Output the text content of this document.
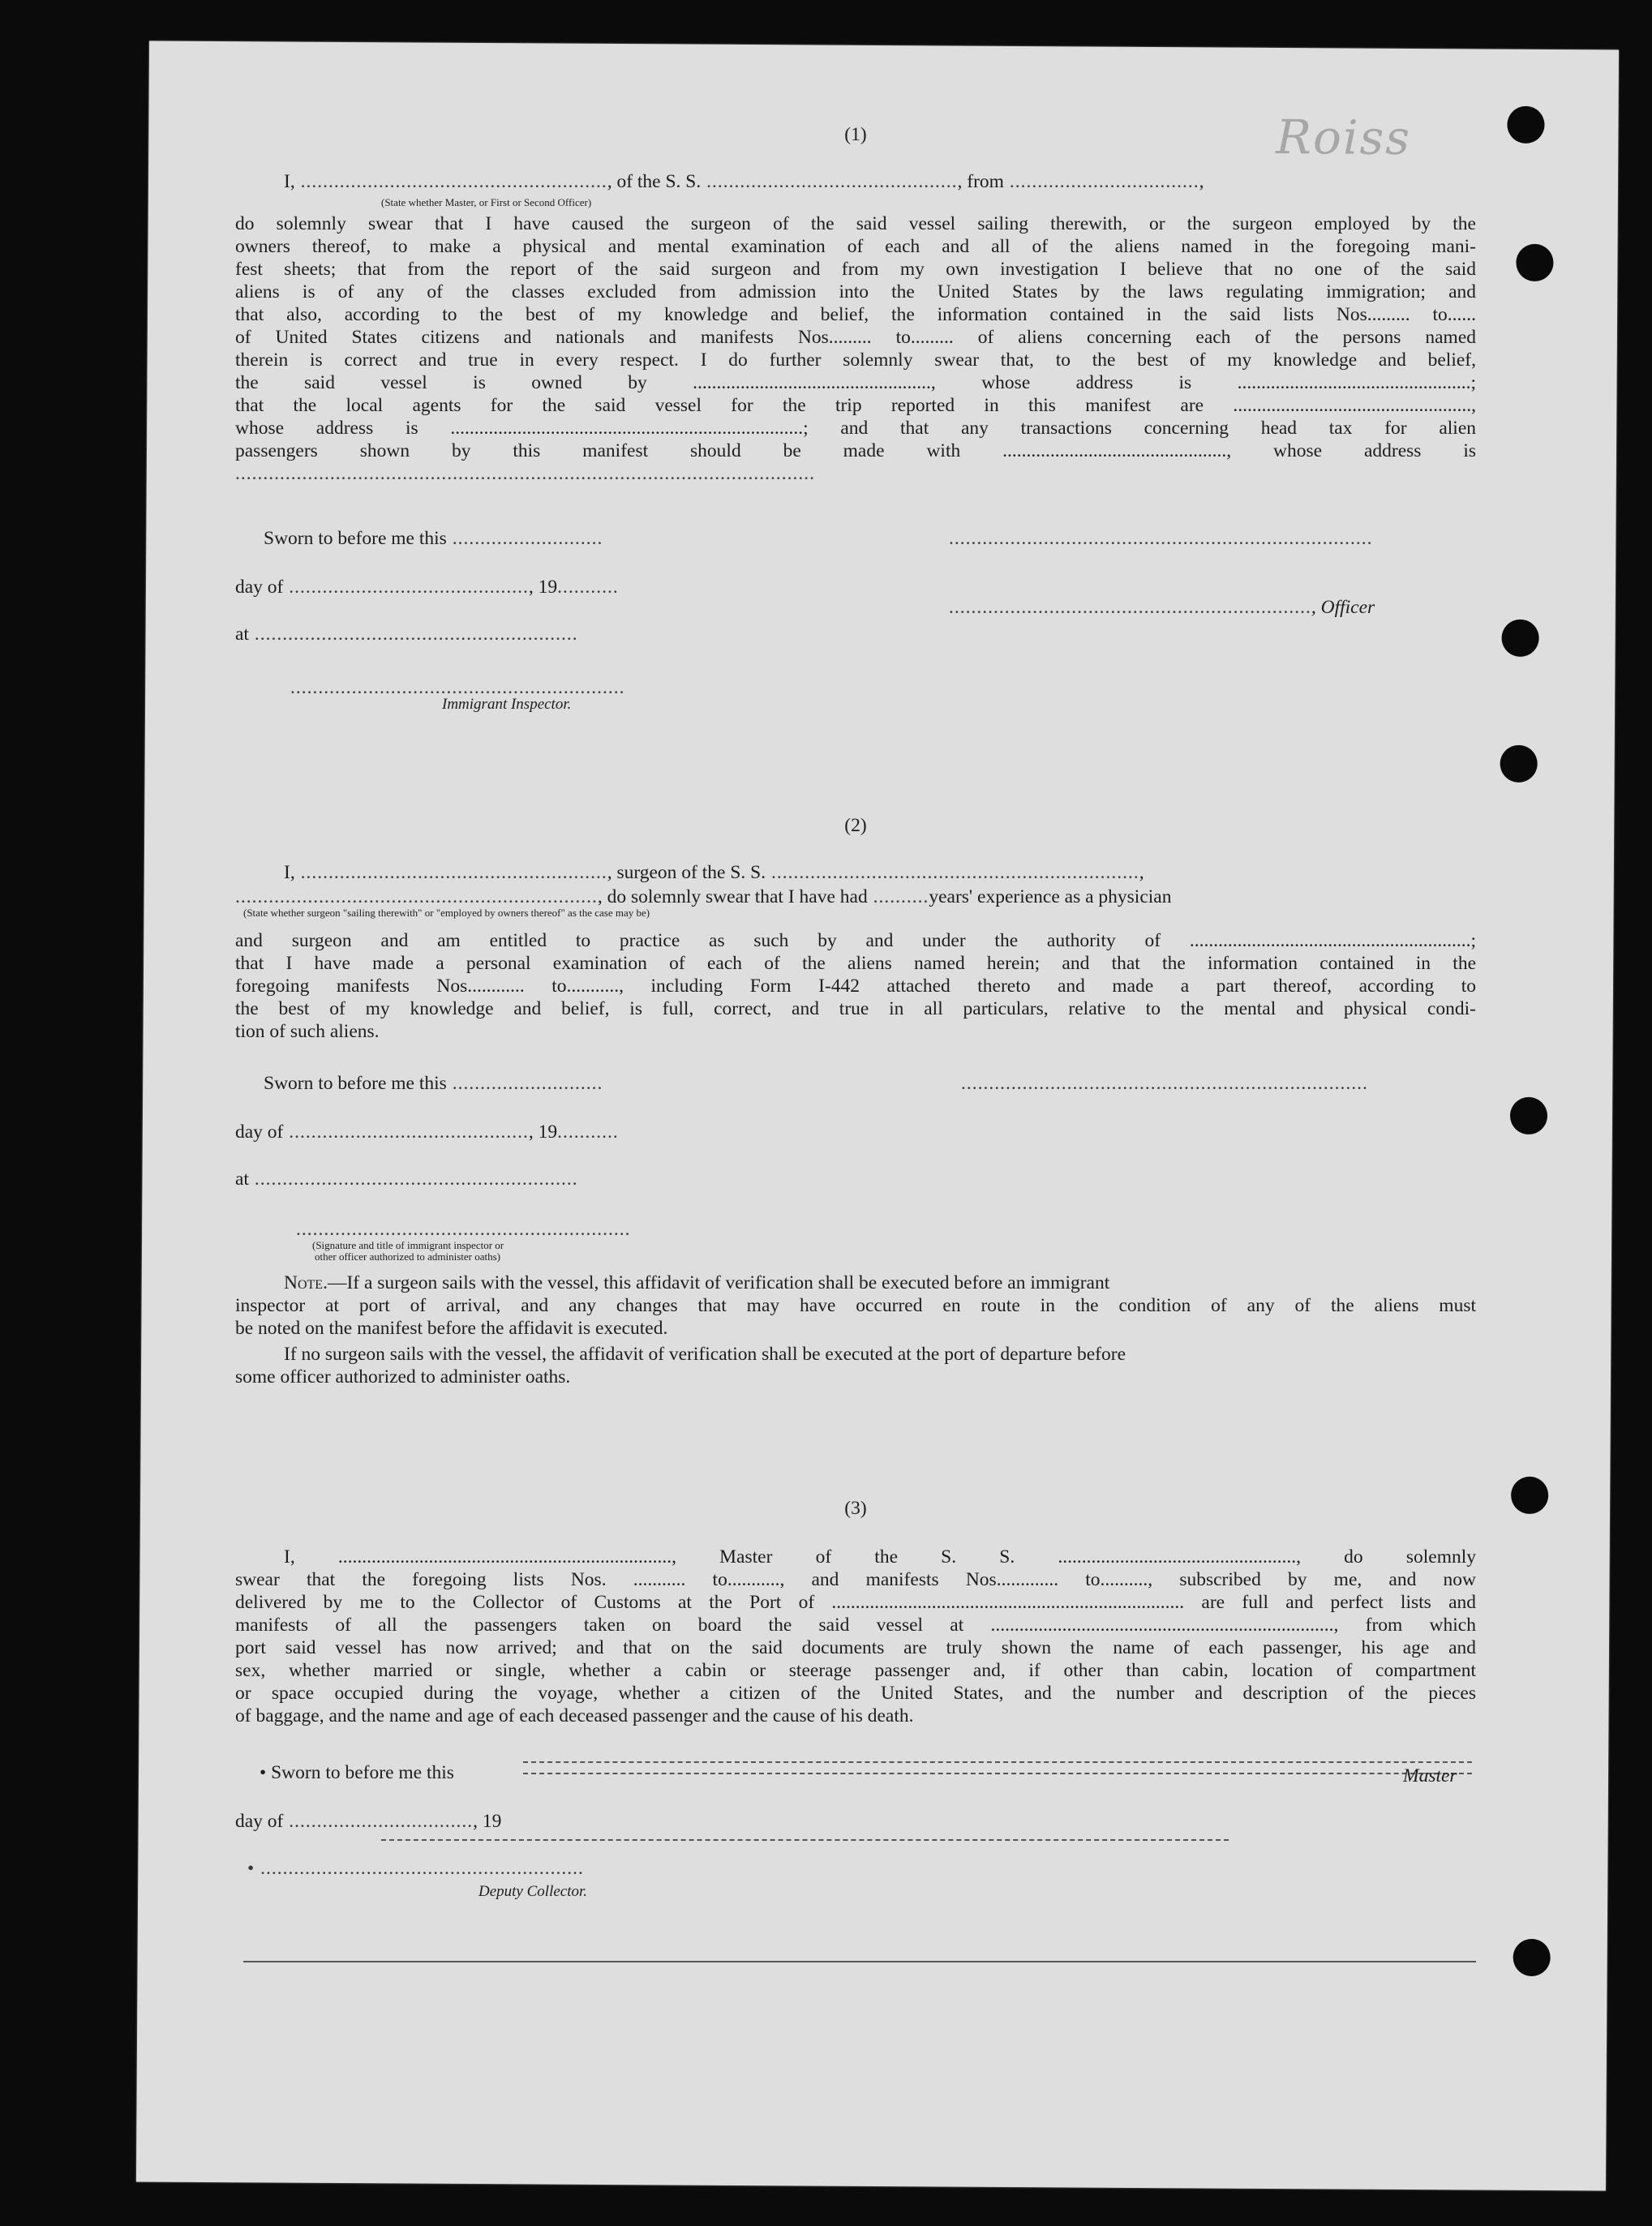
Roiss
(1)
I, ......................................................., of the S. S. ............................................., from ..................................,
(State whether Master, or First or Second Officer)
do solemnly swear that I have caused the surgeon of the said vessel sailing therewith, or the surgeon employed by the
owners thereof, to make a physical and mental examination of each and all of the aliens named in the foregoing mani-
fest sheets; that from the report of the said surgeon and from my own investigation I believe that no one of the said
aliens is of any of the classes excluded from admission into the United States by the laws regulating immigration; and
that also, according to the best of my knowledge and belief, the information contained in the said lists Nos......... to......
of United States citizens and nationals and manifests Nos......... to......... of aliens concerning each of the persons named
therein is correct and true in every respect. I do further solemnly swear that, to the best of my knowledge and belief,
the said vessel is owned by .................................................., whose address is .................................................;
that the local agents for the said vessel for the trip reported in this manifest are ..................................................,
whose address is ..........................................................................; and that any transactions concerning head tax for alien
passengers shown by this manifest should be made with ..............................................., whose address is
........................................................................................................
Sworn to before me this ...........................	............................................................................
day of ..........................................., 19...........
................................................................., Officer
at ..........................................................
............................................................
Immigrant Inspector.
(2)
I, ......................................................., surgeon of the S. S. ..................................................................,
................................................................., do solemnly swear that I have had ..........years' experience as a physician
(State whether surgeon "sailing therewith" or "employed by owners thereof" as the case may be)
and surgeon and am entitled to practice as such by and under the authority of ...........................................................;
that I have made a personal examination of each of the aliens named herein; and that the information contained in the
foregoing manifests Nos............ to..........., including Form I-442 attached thereto and made a part thereof, according to
the best of my knowledge and belief, is full, correct, and true in all particulars, relative to the mental and physical condi-
tion of such aliens.
Sworn to before me this ...........................	.........................................................................
day of ..........................................., 19...........
at ..........................................................
............................................................
(Signature and title of immigrant inspector or
other officer authorized to administer oaths)
Note.—If a surgeon sails with the vessel, this affidavit of verification shall be executed before an immigrant
inspector at port of arrival, and any changes that may have occurred en route in the condition of any of the aliens must
be noted on the manifest before the affidavit is executed.
If no surgeon sails with the vessel, the affidavit of verification shall be executed at the port of departure before
some officer authorized to administer oaths.
(3)
I, ......................................................................, Master of the S. S. .................................................., do solemnly
swear that the foregoing lists Nos. ........... to..........., and manifests Nos............. to.........., subscribed by me, and now
delivered by me to the Collector of Customs at the Port of .......................................................................... are full and perfect lists and
manifests of all the passengers taken on board the said vessel at ........................................................................, from which
port said vessel has now arrived; and that on the said documents are truly shown the name of each passenger, his age and
sex, whether married or single, whether a cabin or steerage passenger and, if other than cabin, location of compartment
or space occupied during the voyage, whether a citizen of the United States, and the number and description of the pieces
of baggage, and the name and age of each deceased passenger and the cause of his death.
• Sworn to before me this	Master
day of ................................., 19
• ..........................................................
Deputy Collector.
